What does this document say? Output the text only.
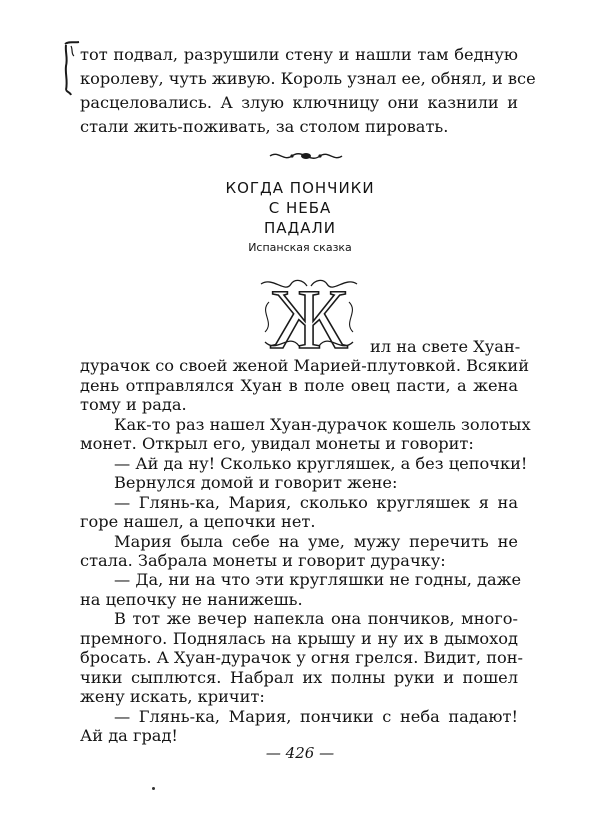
тот подвал, разрушили стену и нашли там бедную
королеву, чуть живую. Король узнал ее, обнял, и все
расцеловались. А злую ключницу они казнили и
стали жить-поживать, за столом пировать.
КОГДА ПОНЧИКИ
С НЕБА
ПАДАЛИ
Испанская сказка
Ж ил на свете Хуан-
дурачок со своей женой Марией-плутовкой. Всякий
день отправлялся Хуан в поле овец пасти, а жена
тому и рада.
Как-то раз нашел Хуан-дурачок кошель золотых
монет. Открыл его, увидал монеты и говорит:
— Ай да ну! Сколько кругляшек, а без цепочки!
Вернулся домой и говорит жене:
— Глянь-ка, Мария, сколько кругляшек я на
горе нашел, а цепочки нет.
Мария была себе на уме, мужу перечить не
стала. Забрала монеты и говорит дурачку:
— Да, ни на что эти кругляшки не годны, даже
на цепочку не нанижешь.
В тот же вечер напекла она пончиков, много-
премного. Поднялась на крышу и ну их в дымоход
бросать. А Хуан-дурачок у огня грелся. Видит, пон-
чики сыплются. Набрал их полны руки и пошел
жену искать, кричит:
— Глянь-ка, Мария, пончики с неба падают!
Ай да град!
— 426 —
